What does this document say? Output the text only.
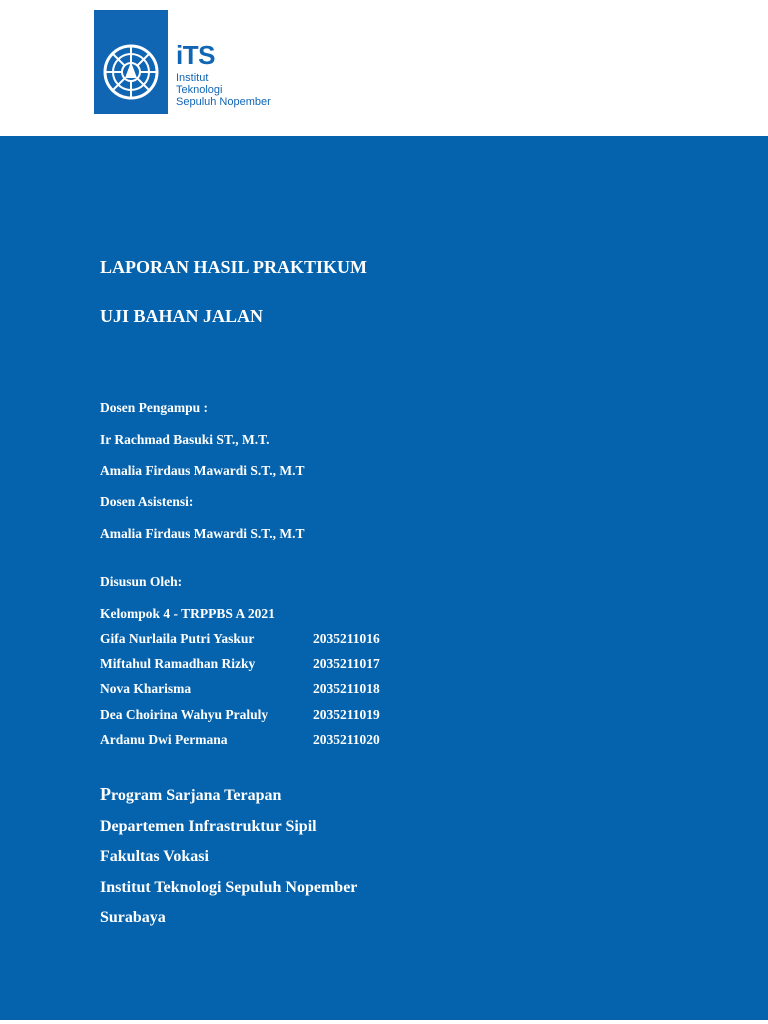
iTS
Institut
Teknologi
Sepuluh Nopember
LAPORAN HASIL PRAKTIKUM
UJI BAHAN JALAN
Dosen Pengampu :
Ir Rachmad Basuki ST., M.T.
Amalia Firdaus Mawardi S.T., M.T
Dosen Asistensi:
Amalia Firdaus Mawardi S.T., M.T
Disusun Oleh:
Kelompok 4 - TRPPBS A 2021
Gifa Nurlaila Putri Yaskur	2035211016
Miftahul Ramadhan Rizky	2035211017
Nova Kharisma	2035211018
Dea Choirina Wahyu Praluly	2035211019
Ardanu Dwi Permana	2035211020
Program Sarjana Terapan
Departemen Infrastruktur Sipil
Fakultas Vokasi
Institut Teknologi Sepuluh Nopember
Surabaya
